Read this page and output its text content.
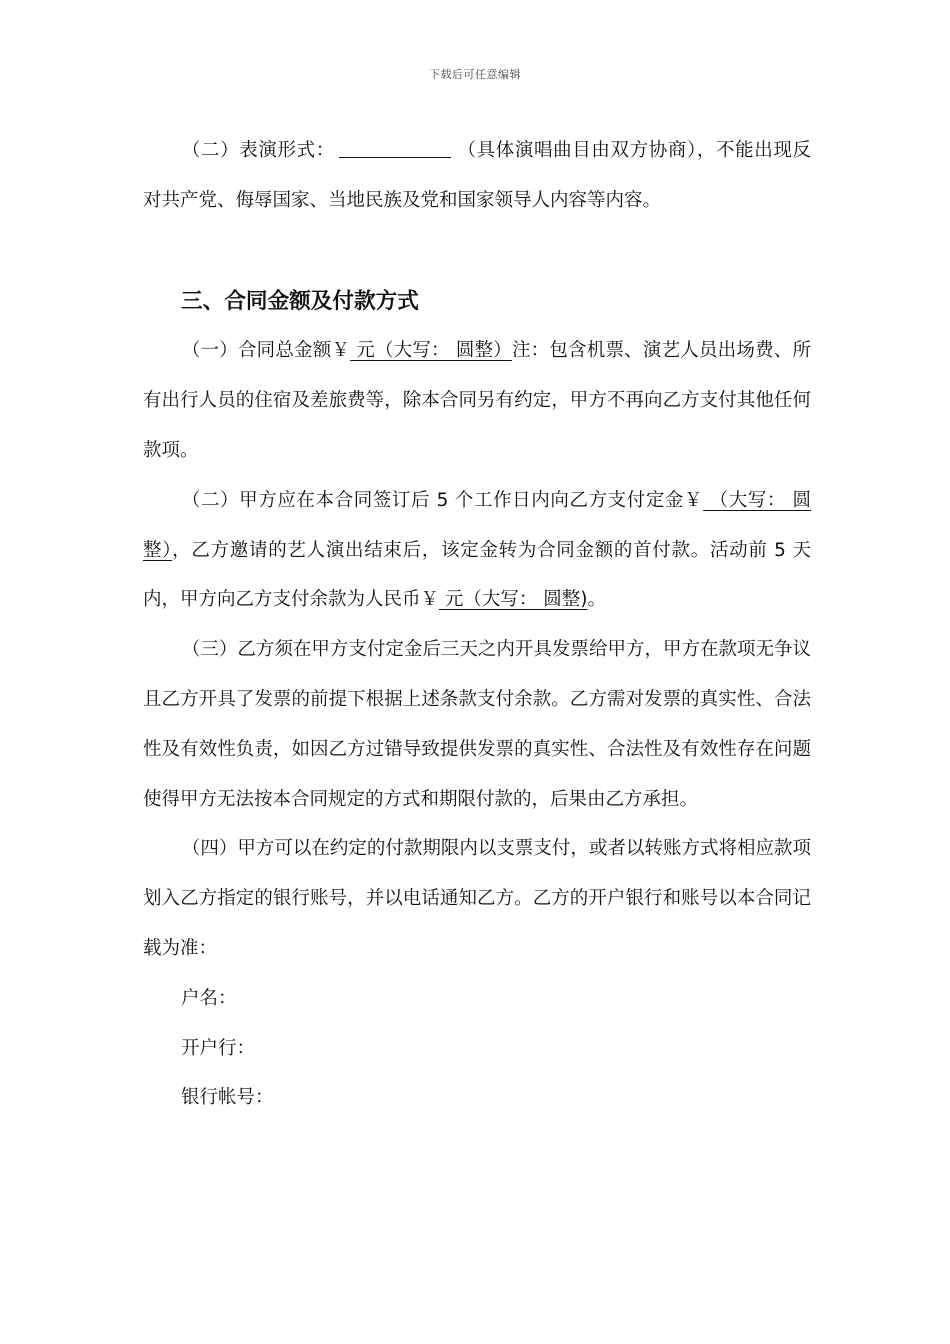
下载后可任意编辑

（二）表演形式：	（具体演唱曲目由双方协商），不能出现反对共产党、侮辱国家、当地民族及党和国家领导人内容等内容。

三、合同金额及付款方式

（一）合同总金额￥ 元（大写： 圆整）注：包含机票、演艺人员出场费、所有出行人员的住宿及差旅费等，除本合同另有约定，甲方不再向乙方支付其他任何款项。

（二）甲方应在本合同签订后 5 个工作日内向乙方支付定金￥ （大写： 圆整），乙方邀请的艺人演出结束后，该定金转为合同金额的首付款。活动前 5 天内，甲方向乙方支付余款为人民币￥ 元（大写： 圆整)。

（三）乙方须在甲方支付定金后三天之内开具发票给甲方，甲方在款项无争议且乙方开具了发票的前提下根据上述条款支付余款。乙方需对发票的真实性、合法性及有效性负责，如因乙方过错导致提供发票的真实性、合法性及有效性存在问题使得甲方无法按本合同规定的方式和期限付款的，后果由乙方承担。

（四）甲方可以在约定的付款期限内以支票支付，或者以转账方式将相应款项划入乙方指定的银行账号，并以电话通知乙方。乙方的开户银行和账号以本合同记载为准：

户名：

开户行：

银行帐号：
